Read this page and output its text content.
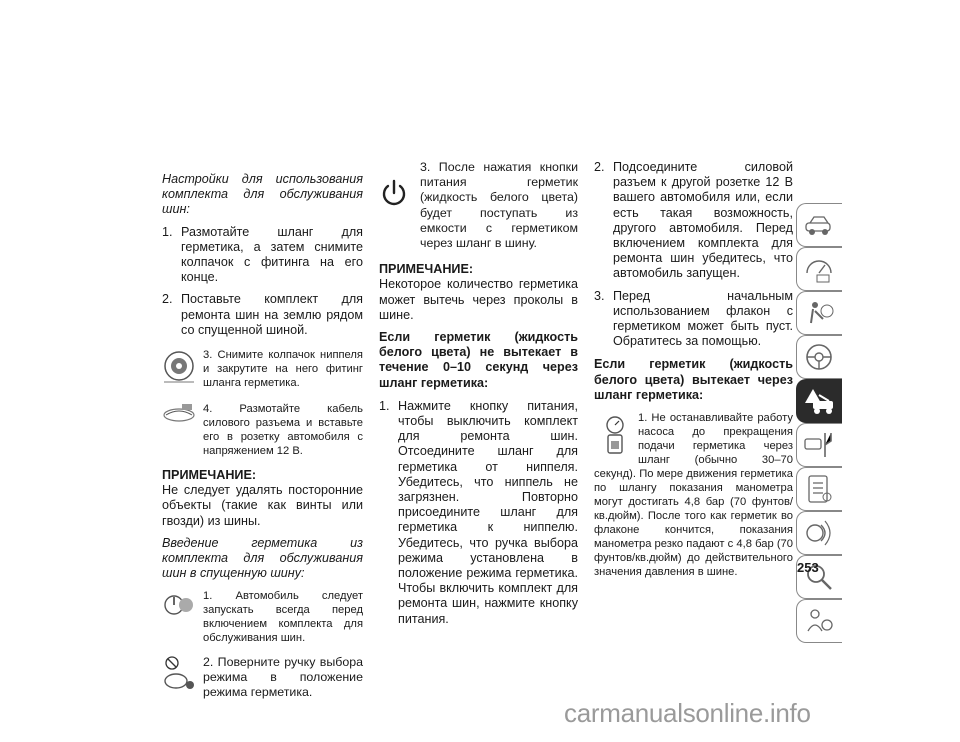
Настройки для использования комплекта для обслуживания шин:

1. Размотайте шланг для герметика, а затем снимите колпачок с фитинга на его конце.
2. Поставьте комплект для ремонта шин на землю рядом со спущенной шиной.
3. Снимите колпачок ниппеля и закрутите на него фитинг шланга герметика.
4. Размотайте кабель силового разъема и вставьте его в розетку автомобиля с напряжением 12 В.

ПРИМЕЧАНИЕ:

Не следует удалять посторонние объекты (такие как винты или гвозди) из шины.

Введение герметика из комплекта для обслуживания шин в спущенную шину:

1. Автомобиль следует запускать всегда перед включением комплекта для обслуживания шин.
2. Поверните ручку выбора режима в положение режима герметика.
3. После нажатия кнопки питания герметик (жидкость белого цвета) будет поступать из емкости с герметиком через шланг в шину.

ПРИМЕЧАНИЕ:

Некоторое количество герметика может вытечь через проколы в шине.

Если герметик (жидкость белого цвета) не вытекает в течение 0–10 секунд через шланг герметика:

1. Нажмите кнопку питания, чтобы выключить комплект для ремонта шин. Отсоедините шланг для герметика от ниппеля. Убедитесь, что ниппель не загрязнен. Повторно присоедините шланг для герметика к ниппелю. Убедитесь, что ручка выбора режима установлена в положение режима герметика. Чтобы включить комплект для ремонта шин, нажмите кнопку питания.
2. Подсоедините силовой разъем к другой розетке 12 В вашего автомобиля или, если есть такая возможность, другого автомобиля. Перед включением комплекта для ремонта шин убедитесь, что автомобиль запущен.
3. Перед начальным использованием флакон с герметиком может быть пуст. Обратитесь за помощью.

Если герметик (жидкость белого цвета) вытекает через шланг герметика:

1. Не останавливайте работу насоса до прекращения подачи герметика через шланг (обычно 30–70 секунд). По мере движения герметика по шлангу показания манометра могут достигать 4,8 бар (70 фунтов/кв.дюйм). После того как герметик во флаконе кончится, показания манометра резко падают с 4,8 бар (70 фунтов/кв.дюйм) до действительного значения давления в шине.	253
carmanualsonline.info
